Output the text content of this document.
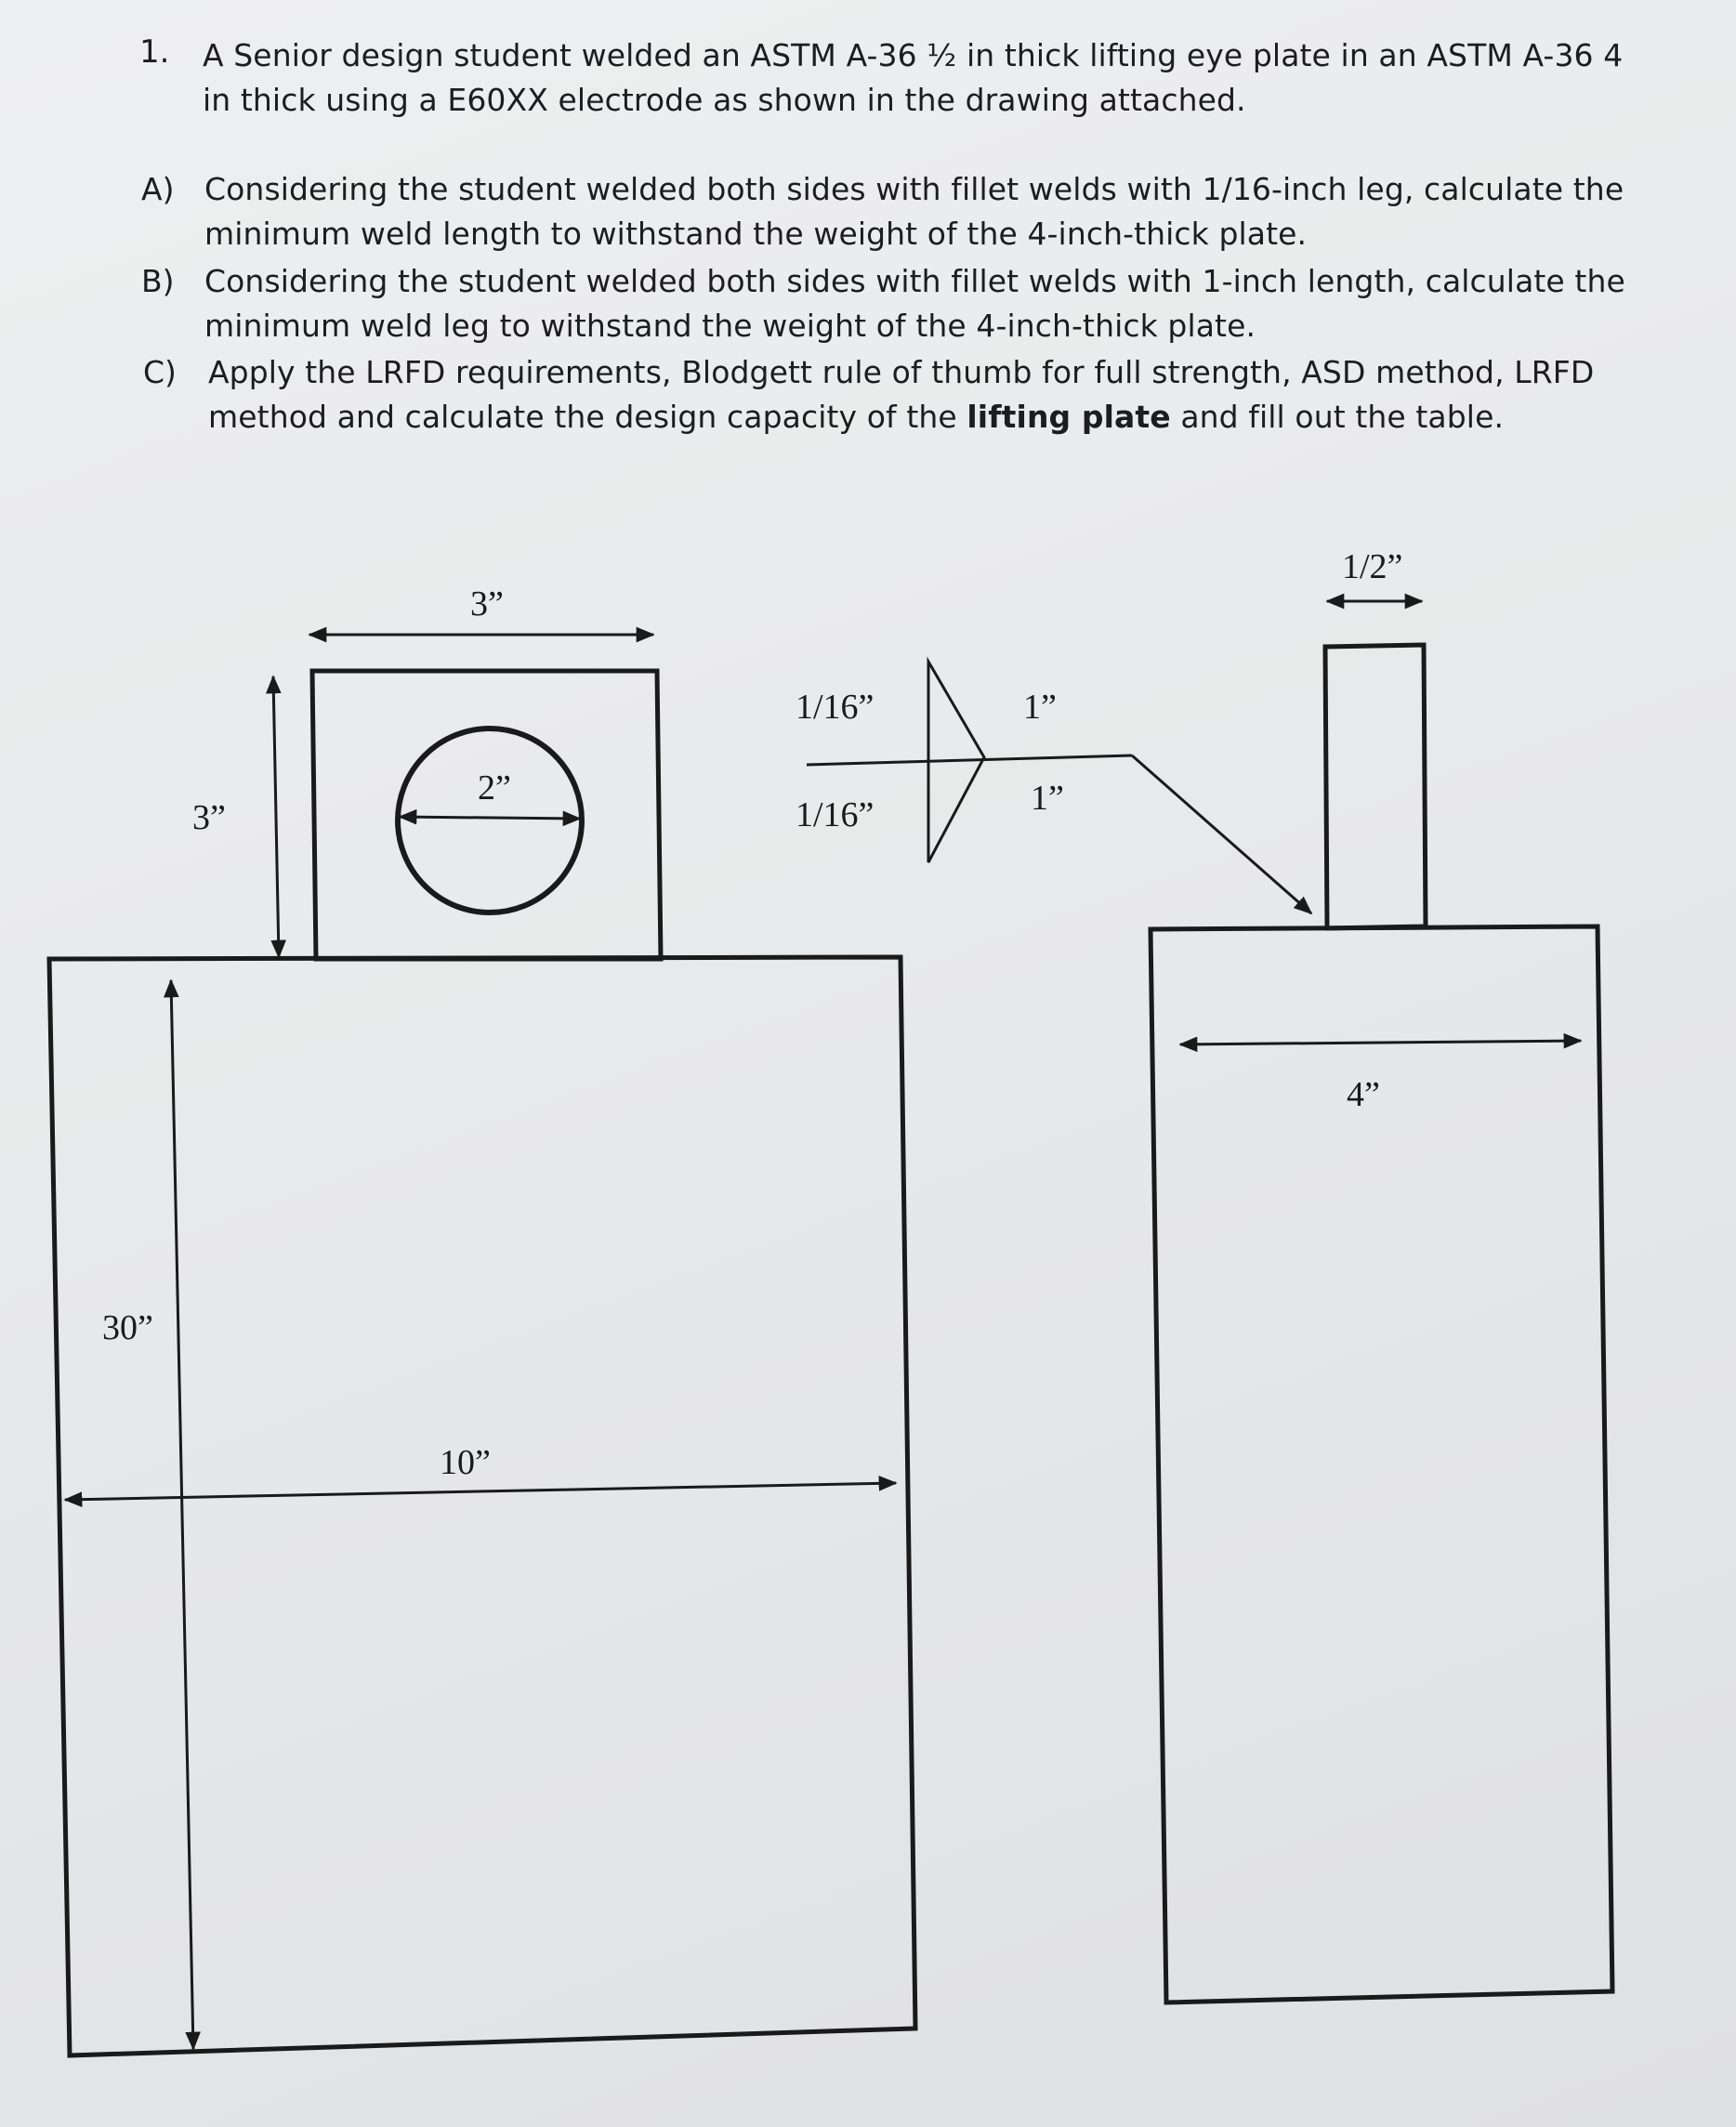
1. A Senior design student welded an ASTM A-36 ½ in thick lifting eye plate in an ASTM A-36 4
in thick using a E60XX electrode as shown in the drawing attached.
A) Considering the student welded both sides with fillet welds with 1/16-inch leg, calculate the
minimum weld length to withstand the weight of the 4-inch-thick plate.
B) Considering the student welded both sides with fillet welds with 1-inch length, calculate the
minimum weld leg to withstand the weight of the 4-inch-thick plate.
C) Apply the LRFD requirements, Blodgett rule of thumb for full strength, ASD method, LRFD
method and calculate the design capacity of the lifting plate and fill out the table.
3”
3”
2”
30”
10”
1/16”
1/16”
1”
1”
1/2”
4”
